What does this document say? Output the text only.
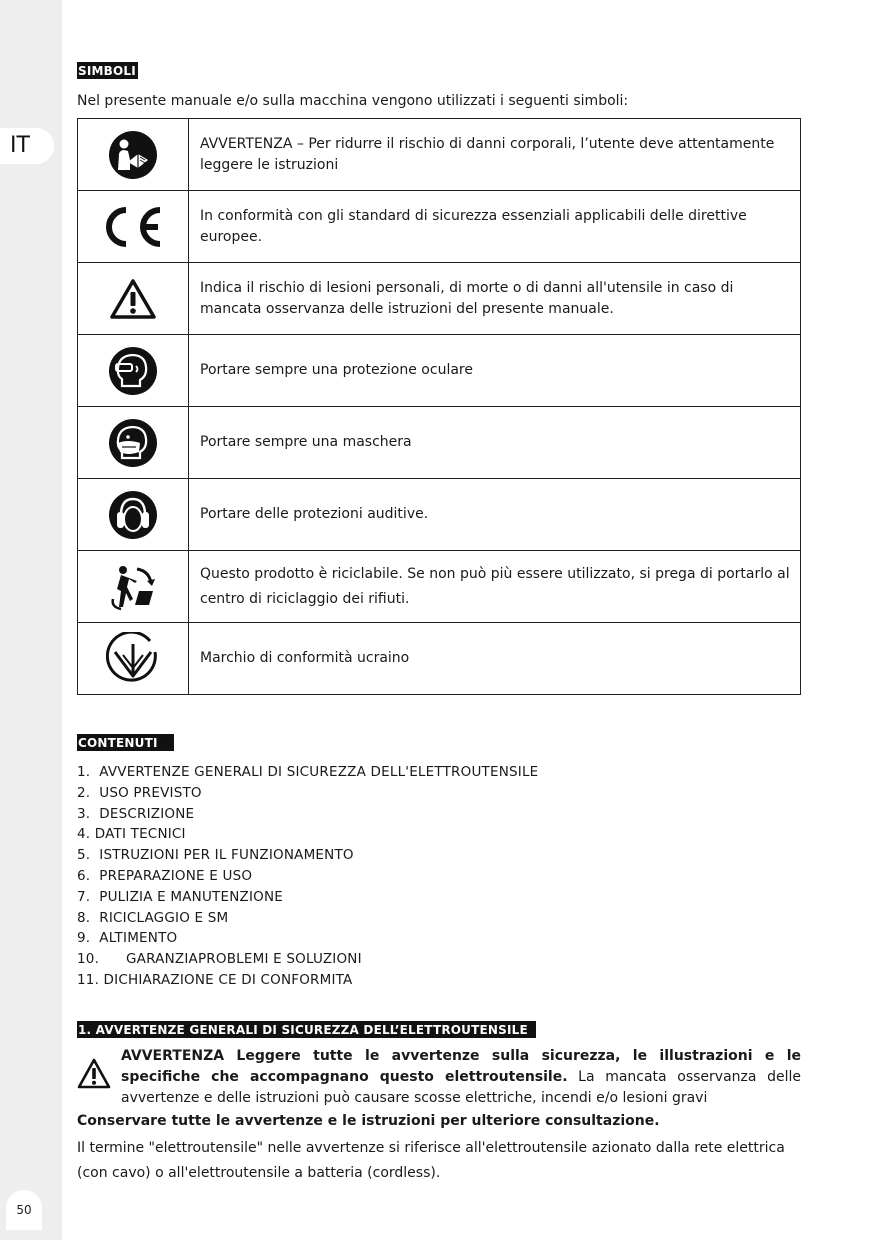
IT
50
SIMBOLI
Nel presente manuale e/o sulla macchina vengono utilizzati i seguenti simboli:
	AVVERTENZA – Per ridurre il rischio di danni corporali, l’utente deve attentamente leggere le istruzioni

	In conformità con gli standard di sicurezza essenziali applicabili delle direttive europee.

	Indica il rischio di lesioni personali, di morte o di danni all'utensile in caso di mancata osservanza delle istruzioni del presente manuale.

	Portare sempre una protezione oculare

	Portare sempre una maschera

	Portare delle protezioni auditive.

	Questo prodotto è riciclabile. Se non può più essere utilizzato, si prega di portarlo al centro di riciclaggio dei rifiuti.

	Marchio di conformità ucraino
CONTENUTI
1.  AVVERTENZE GENERALI DI SICUREZZA DELL'ELETTROUTENSILE
2.  USO PREVISTO
3.  DESCRIZIONE
4. DATI TECNICI
5.  ISTRUZIONI PER IL FUNZIONAMENTO
6.  PREPARAZIONE E USO
7.  PULIZIA E MANUTENZIONE
8.  RICICLAGGIO E SM
9.  ALTIMENTO
10.      GARANZIAPROBLEMI E SOLUZIONI
11. DICHIARAZIONE CE DI CONFORMITA
1. AVVERTENZE GENERALI DI SICUREZZA DELL’ELETTROUTENSILE

AVVERTENZA Leggere tutte le avvertenze sulla sicurezza, le illustrazioni e le specifiche che accompagnano questo elettroutensile. La mancata osservanza delle avvertenze e delle istruzioni può causare scosse elettriche, incendi e/o lesioni gravi

Conservare tutte le avvertenze e le istruzioni per ulteriore consultazione.

Il termine "elettroutensile" nelle avvertenze si riferisce all'elettroutensile azionato dalla rete elettrica (con cavo) o all'elettroutensile a batteria (cordless).
